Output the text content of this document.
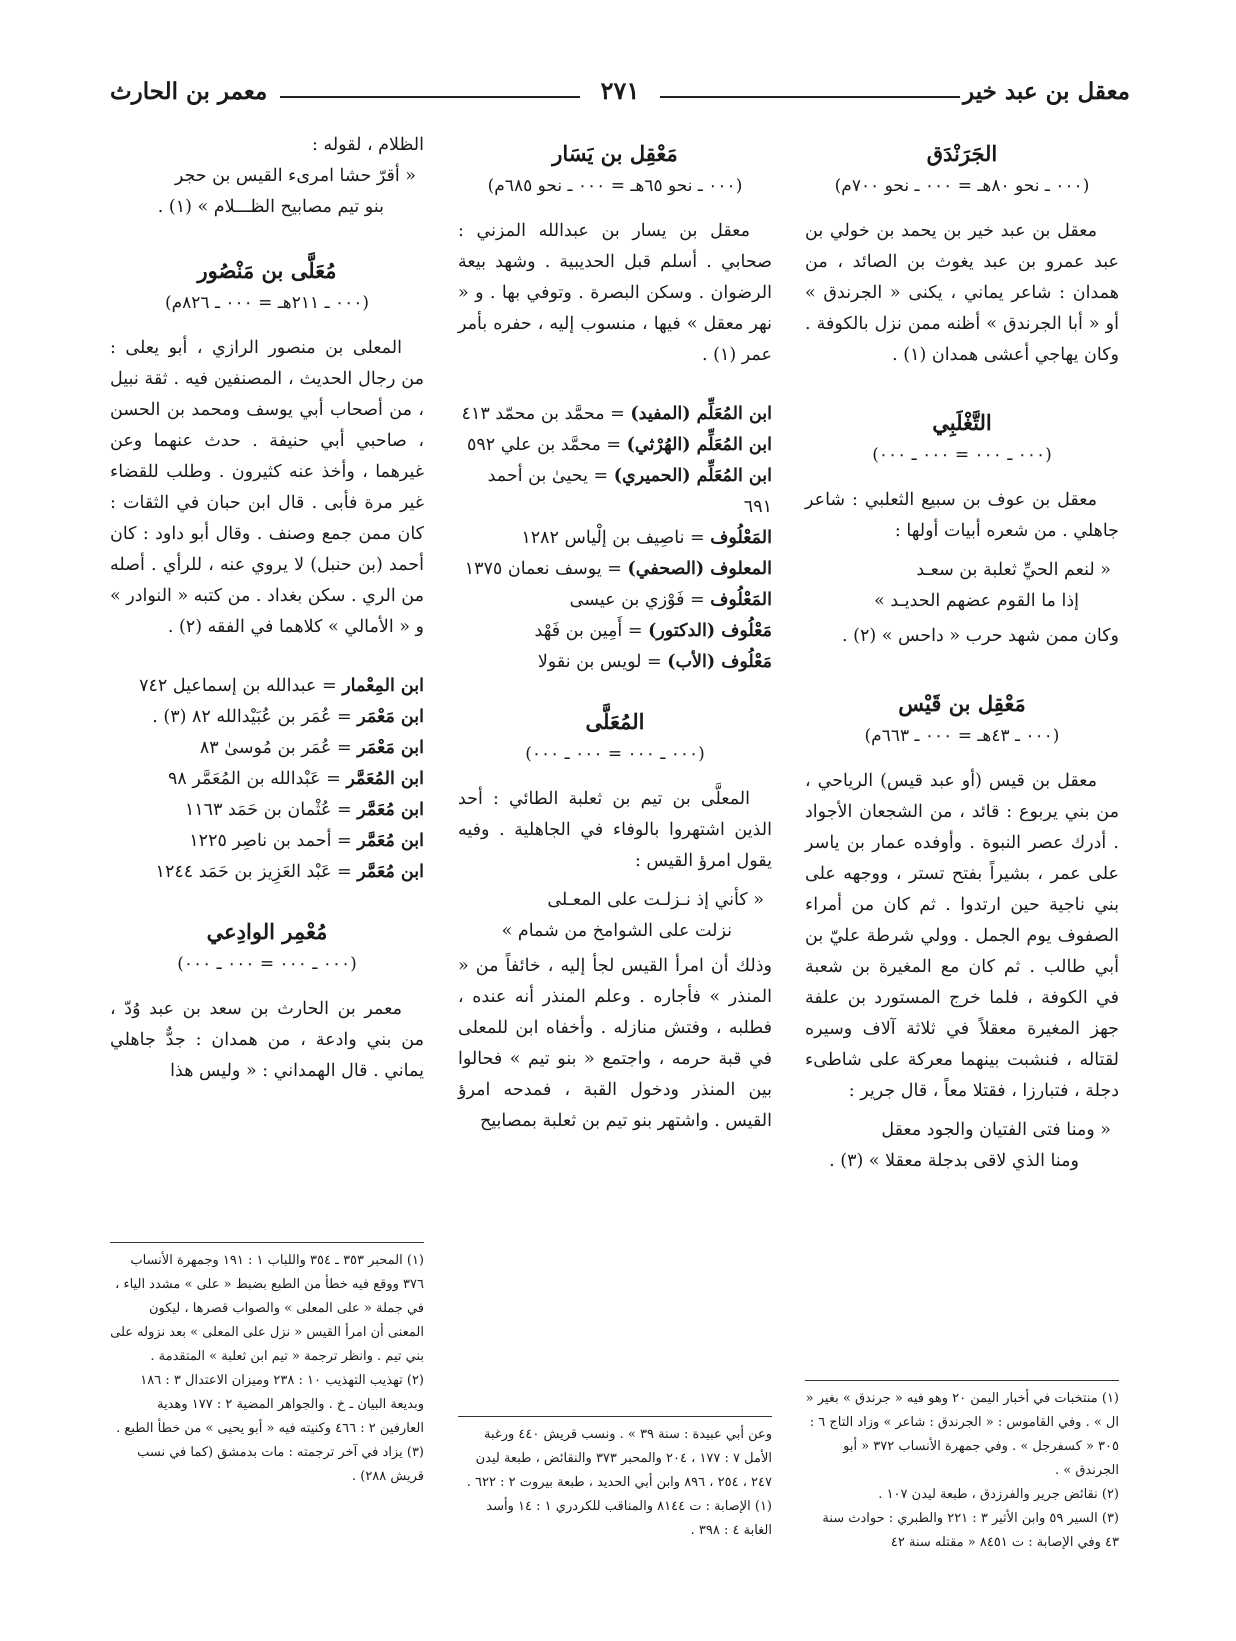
معقل بن عبد خير
٢٧١
معمر بن الحارث
الجَرَنْدَق
(٠٠٠ ـ نحو ٨٠هـ = ٠٠٠ ـ نحو ٧٠٠م)

معقل بن عبد خير بن يحمد بن خولي بن عبد عمرو بن عبد يغوث بن الصائد ، من همدان : شاعر يماني ، يكنى « الجرندق » أو « أبا الجرندق » أظنه ممن نزل بالكوفة . وكان يهاجي أعشى همدان (١) .

التَّغْلَبِي
(٠٠٠ ـ ٠٠٠ = ٠٠٠ ـ ٠٠٠)

معقل بن عوف بن سبيع الثعلبي : شاعر جاهلي . من شعره أبيات أولها :

« لنعم الحيِّ ثعلبة بن سعـد

إذا ما القوم عضهم الحديـد »

وكان ممن شهد حرب « داحس » (٢) .

مَعْقِل بن قَيْس
(٠٠٠ ـ ٤٣هـ = ٠٠٠ ـ ٦٦٣م)

معقل بن قيس (أو عبد قيس) الرياحي ، من بني يربوع : قائد ، من الشجعان الأجواد . أدرك عصر النبوة . وأوفده عمار بن ياسر على عمر ، بشيراً بفتح تستر ، ووجهه على بني ناجية حين ارتدوا . ثم كان من أمراء الصفوف يوم الجمل . وولي شرطة عليّ بن أبي طالب . ثم كان مع المغيرة بن شعبة في الكوفة ، فلما خرج المستورد بن علفة جهز المغيرة معقلاً في ثلاثة آلاف وسيره لقتاله ، فنشبت بينهما معركة على شاطىء دجلة ، فتبارزا ، فقتلا معاً ، قال جرير :

« ومنا فتى الفتيان والجود معقل

ومنا الذي لاقى بدجلة معقلا » (٣) .

مَعْقِل بن يَسَار
(٠٠٠ ـ نحو ٦٥هـ = ٠٠٠ ـ نحو ٦٨٥م)

معقل بن يسار بن عبدالله المزني : صحابي . أسلم قبل الحديبية . وشهد بيعة الرضوان . وسكن البصرة . وتوفي بها . و « نهر معقل » فيها ، منسوب إليه ، حفره بأمر عمر (١) .

ابن المُعَلِّم (المفيد) = محمَّد بن محمّد ٤١٣

ابن المُعَلِّم (الهُرْثي) = محمَّد بن علي ٥٩٢

ابن المُعَلِّم (الحميري) = يحيىٰ بن أحمد ٦٩١

المَعْلُوف = ناصِيف بن إلْياس ١٢٨٢

المعلوف (الصحفي) = يوسف نعمان ١٣٧٥

المَعْلُوف = فَوْزي بن عيسى

مَعْلُوف (الدكتور) = أَمِين بن فَهْد

مَعْلُوف (الأب) = لويس بن نقولا

المُعَلَّى
(٠٠٠ ـ ٠٠٠ = ٠٠٠ ـ ٠٠٠)

المعلَّى بن تيم بن ثعلبة الطائي : أحد الذين اشتهروا بالوفاء في الجاهلية . وفيه يقول امرؤ القيس :

« كأني إذ نـزلـت على المعـلى

نزلت على الشوامخ من شمام »

وذلك أن امرأ القيس لجأ إليه ، خائفاً من « المنذر » فأجاره . وعلم المنذر أنه عنده ، فطلبه ، وفتش منازله . وأخفاه ابن للمعلى في قبة حرمه ، واجتمع « بنو تيم » فحالوا بين المنذر ودخول القبة ، فمدحه امرؤ القيس . واشتهر بنو تيم بن ثعلبة بمصابيح

الظلام ، لقوله :

« أقرّ حشا امرىء القيس بن حجر

بنو تيم مصابيح الظـــلام » (١) .

مُعَلَّى بن مَنْصُور
(٠٠٠ ـ ٢١١هـ = ٠٠٠ ـ ٨٢٦م)

المعلى بن منصور الرازي ، أبو يعلى : من رجال الحديث ، المصنفين فيه . ثقة نبيل ، من أصحاب أبي يوسف ومحمد بن الحسن ، صاحبي أبي حنيفة . حدث عنهما وعن غيرهما ، وأخذ عنه كثيرون . وطلب للقضاء غير مرة فأبى . قال ابن حبان في الثقات : كان ممن جمع وصنف . وقال أبو داود : كان أحمد (بن حنبل) لا يروي عنه ، للرأي . أصله من الري . سكن بغداد . من كتبه « النوادر » و « الأمالي » كلاهما في الفقه (٢) .

ابن المِعْمار = عبدالله بن إسماعيل ٧٤٢

ابن مَعْمَر = عُمَر بن عُبَيْدالله ٨٢ (٣) .

ابن مَعْمَر = عُمَر بن مُوسىٰ ٨٣

ابن المُعَمَّر = عَبْدالله بن المُعَمَّر ٩٨

ابن مُعَمَّر = عُثْمان بن حَمَد ١١٦٣

ابن مُعَمَّر = أحمد بن ناصِر ١٢٢٥

ابن مُعَمَّر = عَبْد العَزِيز بن حَمَد ١٢٤٤

مُعْمِر الوادِعي
(٠٠٠ ـ ٠٠٠ = ٠٠٠ ـ ٠٠٠)

معمر بن الحارث بن سعد بن عبد وُدّ ، من بني وادعة ، من همدان : جدٌّ جاهلي يماني . قال الهمداني : « وليس هذا

(١) منتخبات في أخبار اليمن ٢٠ وهو فيه « جرندق » بغير « ال » . وفي القاموس : « الجرندق : شاعر » وزاد التاج ٦ : ٣٠٥ « كسفرجل » . وفي جمهرة الأنساب ٣٧٢ « أبو الجرندق » .

(٢) نقائض جرير والفرزدق ، طبعة ليدن ١٠٧ .

(٣) السير ٥٩ وابن الأثير ٣ : ٢٢١ والطبري : حوادث سنة ٤٣ وفي الإصابة : ت ٨٤٥١ « مقتله سنة ٤٢

وعن أبي عبيدة : سنة ٣٩ » . ونسب قريش ٤٤٠ ورغبة الأمل ٧ : ١٧٧ ، ٢٠٤ والمحبر ٣٧٣ والنقائض ، طبعة ليدن ٢٤٧ ، ٢٥٤ ، ٨٩٦ وابن أبي الحديد ، طبعة بيروت ٢ : ٦٢٢ .

(١) الإصابة : ت ٨١٤٤ والمناقب للكردري ١ : ١٤ وأسد الغابة ٤ : ٣٩٨ .

(١) المحبر ٣٥٣ ـ ٣٥٤ واللباب ١ : ١٩١ وجمهرة الأنساب ٣٧٦ ووقع فيه خطأ من الطبع بضبط « على » مشدد الياء ، في جملة « على المعلى » والصواب قصرها ، ليكون المعنى أن امرأ القيس « نزل على المعلى » بعد نزوله على بني تيم . وانظر ترجمة « تيم ابن ثعلبة » المتقدمة .

(٢) تهذيب التهذيب ١٠ : ٢٣٨ وميزان الاعتدال ٣ : ١٨٦ وبديعة البيان ـ خ . والجواهر المضية ٢ : ١٧٧ وهدية العارفين ٢ : ٤٦٦ وكنيته فيه « أبو يحيى » من خطأ الطبع .

(٣) يزاد في آخر ترجمته : مات بدمشق (كما في نسب قريش ٢٨٨) .
